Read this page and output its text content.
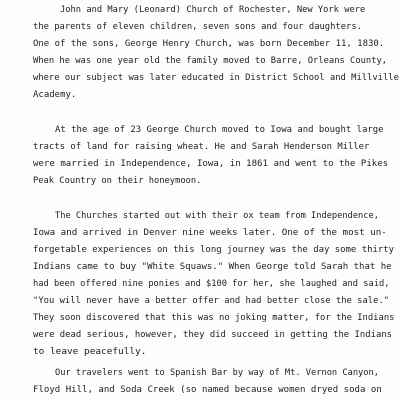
John and Mary (Leonard) Church of Rochester, New York were
the parents of eleven children, seven sons and four daughters.
One of the sons, George Henry Church, was born December 11, 1830.
When he was one year old the family moved to Barre, Orleans County,
where our subject was later educated in District School and Millville
Academy.
At the age of 23 George Church moved to Iowa and bought large
tracts of land for raising wheat. He and Sarah Henderson Miller
were married in Independence, Iowa, in 1861 and went to the Pikes
Peak Country on their honeymoon.
The Churches started out with their ox team from Independence,
Iowa and arrived in Denver nine weeks later. One of the most un-
forgetable experiences on this long journey was the day some thirty
Indians came to buy "White Squaws." When George told Sarah that he
had been offered nine ponies and $100 for her, she laughed and said,
"You will never have a better offer and had better close the sale."
They soon discovered that this was no joking matter, for the Indians
were dead serious, however, they did succeed in getting the Indians
to leave peacefully.
Our travelers went to Spanish Bar by way of Mt. Vernon Canyon,
Floyd Hill, and Soda Creek (so named because women dryed soda on
